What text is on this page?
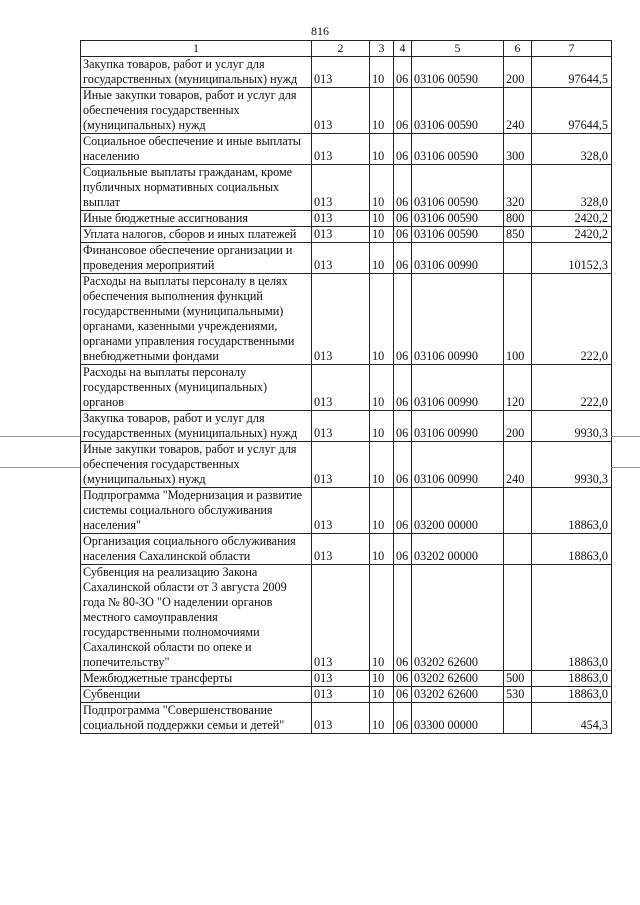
816
1	2	3	4	5	6	7
Закупка товаров, работ и услуг для государственных (муниципальных) нужд	013	10	06	03106 00590	200	97644,5
Иные закупки товаров, работ и услуг для обеспечения государственных (муниципальных) нужд	013	10	06	03106 00590	240	97644,5
Социальное обеспечение и иные выплаты населению	013	10	06	03106 00590	300	328,0
Социальные выплаты гражданам, кроме публичных нормативных социальных выплат	013	10	06	03106 00590	320	328,0
Иные бюджетные ассигнования	013	10	06	03106 00590	800	2420,2
Уплата налогов, сборов и иных платежей	013	10	06	03106 00590	850	2420,2
Финансовое обеспечение организации и проведения мероприятий	013	10	06	03106 00990		10152,3
Расходы на выплаты персоналу в целях обеспечения выполнения функций государственными (муниципальными) органами, казенными учреждениями, органами управления государственными внебюджетными фондами	013	10	06	03106 00990	100	222,0
Расходы на выплаты персоналу государственных (муниципальных) органов	013	10	06	03106 00990	120	222,0
Закупка товаров, работ и услуг для государственных (муниципальных) нужд	013	10	06	03106 00990	200	9930,3
Иные закупки товаров, работ и услуг для обеспечения государственных (муниципальных) нужд	013	10	06	03106 00990	240	9930,3
Подпрограмма "Модернизация и развитие системы социального обслуживания населения"	013	10	06	03200 00000		18863,0
Организация социального обслуживания населения Сахалинской области	013	10	06	03202 00000		18863,0
Субвенция на реализацию Закона Сахалинской области от 3 августа 2009 года № 80-ЗО "О наделении органов местного самоуправления государственными полномочиями Сахалинской области по опеке и попечительству"	013	10	06	03202 62600		18863,0
Межбюджетные трансферты	013	10	06	03202 62600	500	18863,0
Субвенции	013	10	06	03202 62600	530	18863,0
Подпрограмма "Совершенствование социальной поддержки семьи и детей"	013	10	06	03300 00000		454,3
